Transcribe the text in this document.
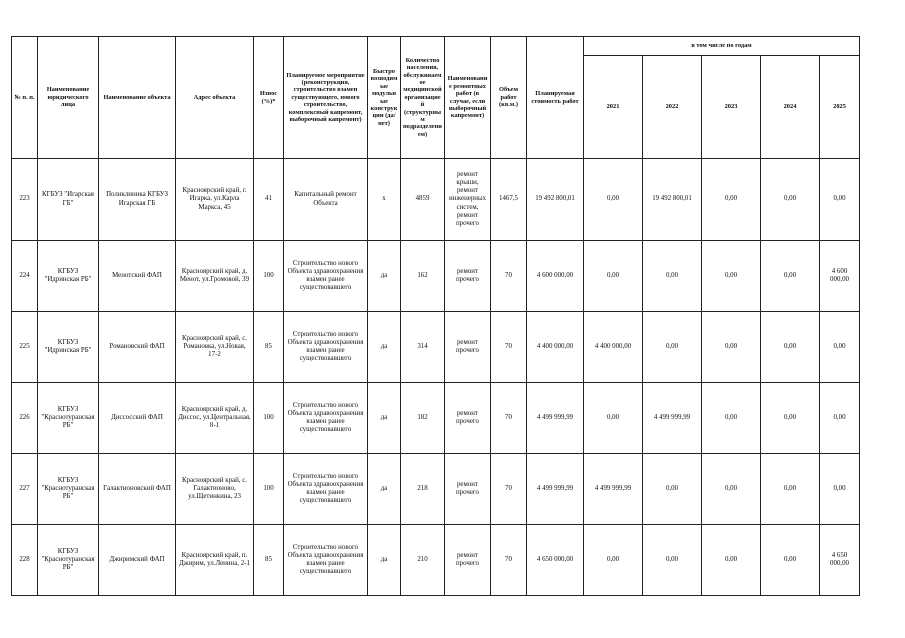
№ п. п.	Наименование юридического лица	Наименование объекта	Адрес объекта	Износ (%)*	Планируемое мероприятие (реконструкция, строительство взамен существующего, нового строительство, комплексный капремонт, выборочный капремонт)	Быстро возводимые модульные конструкции (да/нет)	Количество населения, обслуживаемое медицинской организацией (структурным подразделением)	Наименование ремонтных работ (в случае, если выборочный капремонт)	Объем работ (кв.м.)	Планируемая стоимость работ	в том числе по годам				
											2021	2022	2023	2024	2025
223	КГБУЗ "Игарская ГБ"	Поликлиника КГБУЗ Игарская ГБ	Красноярский край, г. Игарка, ул.Карла Маркса, 45	41	Капитальный ремонт Объекта	х	4859	ремонт крыши, ремонт инженерных систем, ремонт прочего	1467,5	19 492 800,01	0,00	19 492 800,01	0,00	0,00	0,00
224	КГБУЗ "Идринская РБ"	Менотский ФАП	Красноярский край, д. Менот, ул.Громовой, 39	100	Строительство нового Объекта здравоохранения взамен ранее существовавшего	да	162	ремонт прочего	70	4 600 000,00	0,00	0,00	0,00	0,00	4 600 000,00
225	КГБУЗ "Идринская РБ"	Романовский ФАП	Красноярский край, с. Романовка, ул.Новая, 17-2	85	Строительство нового Объекта здравоохранения взамен ранее существовавшего	да	314	ремонт прочего	70	4 400 000,00	4 400 000,00	0,00	0,00	0,00	0,00
226	КГБУЗ "Краснотуранская РБ"	Диссосский ФАП	Красноярский край, д. Диссос, ул.Центральная, 8-1	100	Строительство нового Объекта здравоохранения взамен ранее существовавшего	да	182	ремонт прочего	70	4 499 999,99	0,00	4 499 999,99	0,00	0,00	0,00
227	КГБУЗ "Краснотуранская РБ"	Галактионовский ФАП	Красноярский край, с. Галактионово, ул.Щетинкина, 23	100	Строительство нового Объекта здравоохранения взамен ранее существовавшего	да	218	ремонт прочего	70	4 499 999,99	4 499 999,99	0,00	0,00	0,00	0,00
228	КГБУЗ "Краснотуранская РБ"	Джиримский ФАП	Красноярский край, п. Джирим, ул.Ленина, 2-1	85	Строительство нового Объекта здравоохранения взамен ранее существовавшего	да	210	ремонт прочего	70	4 650 000,00	0,00	0,00	0,00	0,00	4 650 000,00
